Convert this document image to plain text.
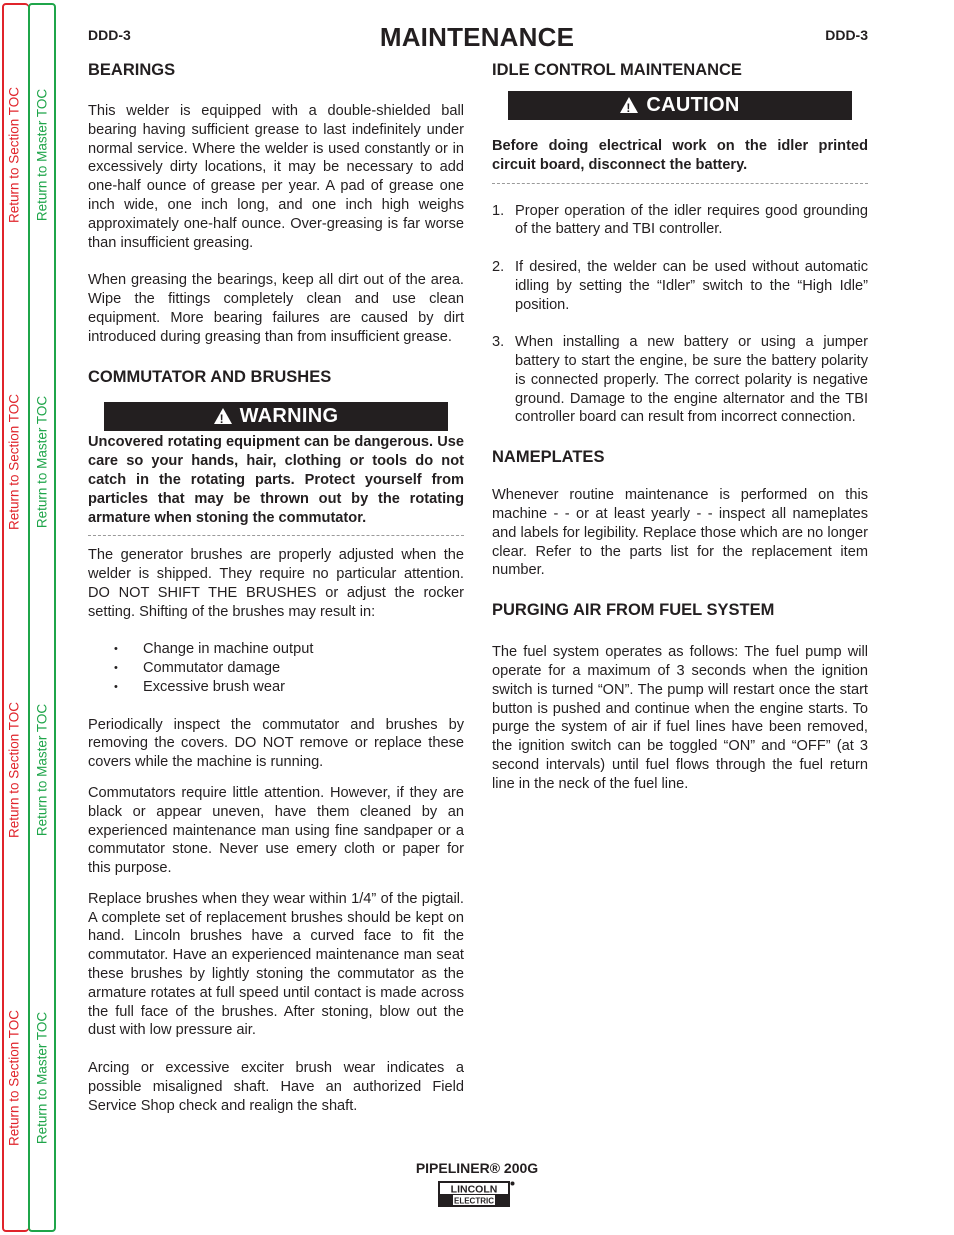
Return to Section TOC
Return to Section TOC
Return to Section TOC
Return to Section TOC
Return to Master TOC
Return to Master TOC
Return to Master TOC
Return to Master TOC
DDD-3	MAINTENANCE	DDD-3
BEARINGS

This welder is equipped with a double-shielded ball bearing having sufficient grease to last indefinitely under normal service. Where the welder is used constantly or in excessively dirty locations, it may be necessary to add one-half ounce of grease per year. A pad of grease one inch wide, one inch long, and one inch high weighs approximately one-half ounce. Over-greasing is far worse than insufficient greasing.

When greasing the bearings, keep all dirt out of the area. Wipe the fittings completely clean and use clean equipment. More bearing failures are caused by dirt introduced during greasing than from insufficient grease.

COMMUTATOR AND BRUSHES
!
WARNING

Uncovered rotating equipment can be dangerous. Use care so your hands, hair, clothing or tools do not catch in the rotating parts. Protect yourself from particles that may be thrown out by the rotating armature when stoning the commutator.

The generator brushes are properly adjusted when the welder is shipped. They require no particular attention. DO NOT SHIFT THE BRUSHES or adjust the rocker setting. Shifting of the brushes may result in:

• Change in machine output
• Commutator damage
• Excessive brush wear

Periodically inspect the commutator and brushes by removing the covers. DO NOT remove or replace these covers while the machine is running.

Commutators require little attention. However, if they are black or appear uneven, have them cleaned by an experienced maintenance man using fine sandpaper or a commutator stone. Never use emery cloth or paper for this purpose.

Replace brushes when they wear within 1/4” of the pigtail. A complete set of replacement brushes should be kept on hand. Lincoln brushes have a curved face to fit the commutator. Have an experienced maintenance man seat these brushes by lightly stoning the commutator as the armature rotates at full speed until contact is made across the full face of the brushes. After stoning, blow out the dust with low pressure air.

Arcing or excessive exciter brush wear indicates a possible misaligned shaft. Have an authorized Field Service Shop check and realign the shaft.

IDLE CONTROL MAINTENANCE
!
CAUTION

Before doing electrical work on the idler printed circuit board, disconnect the battery.

1. Proper operation of the idler requires good grounding of the battery and TBI controller.
2. If desired, the welder can be used without automatic idling by setting the “Idler” switch to the “High Idle” position.
3. When installing a new battery or using a jumper battery to start the engine, be sure the battery polarity is connected properly. The correct polarity is negative ground. Damage to the engine alternator and the TBI controller board can result from incorrect connection.
NAMEPLATES

Whenever routine maintenance is performed on this machine - - or at least yearly - - inspect all nameplates and labels for legibility. Replace those which are no longer clear. Refer to the parts list for the replacement item number.

PURGING AIR FROM FUEL SYSTEM

The fuel system operates as follows: The fuel pump will operate for a maximum of 3 seconds when the ignition switch is turned “ON”. The pump will restart once the start button is pushed and continue when the engine starts. To purge the system of air if fuel lines have been removed, the ignition switch can be toggled “ON” and “OFF” (at 3 second intervals) until fuel flows through the fuel return line in the neck of the fuel line.

PIPELINER® 200G
LINCOLN
ELECTRIC
